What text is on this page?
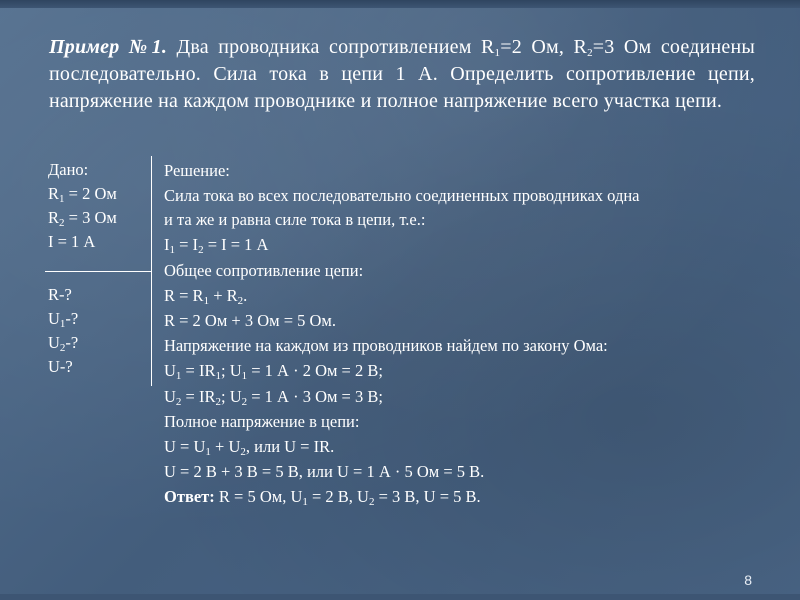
Пример №1. Два проводника сопротивлением $R_1=2$ Ом, $R_2=3$ Ом соединены последовательно. Сила тока в цепи 1 А. Определить сопротивление цепи, напряжение на каждом проводнике и полное напряжение всего участка цепи.
Дано:
$R_1 = 2$ Ом
$R_2 = 3$ Ом
I = 1 А
R-?
$U_1-$?
$U_2-$?
U-?
Решение:
Сила тока во всех последовательно соединенных проводниках одна
и та же и равна силе тока в цепи, т.е.:
$I_1 = I_2 = I = 1$ А
Общее сопротивление цепи:
$R = R_1 + R_2$.
R = 2 Ом + 3 Ом = 5 Ом.
Напряжение на каждом из проводников найдем по закону Ома:
$U_1 = IR_1$; $U_1 = 1$ А · 2 Ом = 2 В;
$U_2 = IR_2$; $U_2 = 1$ А · 3 Ом = 3 В;
Полное напряжение в цепи:
$U = U_1 + U_2$, или U = IR.
U = 2 В + 3 В = 5 В, или U = 1 А · 5 Ом = 5 В.
Ответ: R = 5 Ом, $U_1 = 2$ В, $U_2 = 3$ В, U = 5 В.
8
